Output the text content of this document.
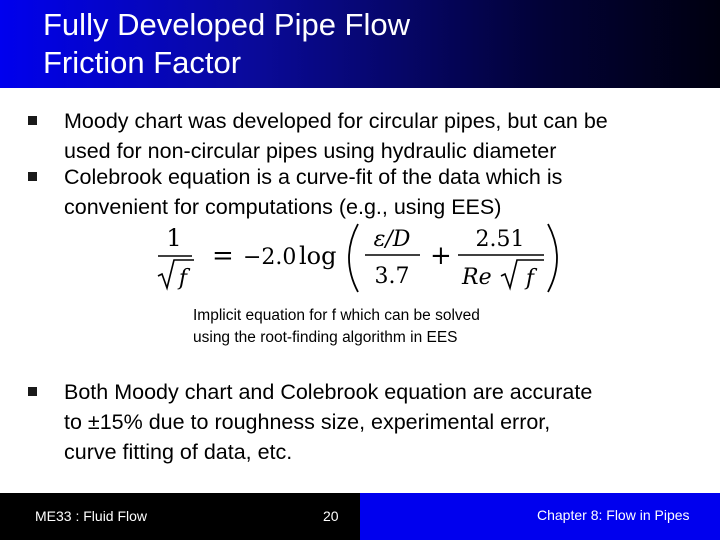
Fully Developed Pipe Flow
Friction Factor
Moody chart was developed for circular pipes, but can be
used for non-circular pipes using hydraulic diameter
Colebrook equation is a curve-fit of the data which is
convenient for computations (e.g., using EES)
1
f
= −2.0 log
ε/D
3.7
+
2.51
Re f
Implicit equation for f which can be solved
using the root-finding algorithm in EES
Both Moody chart and Colebrook equation are accurate
to ±15% due to roughness size, experimental error,
curve fitting of data, etc.
ME33 : Fluid Flow	20	Chapter 8: Flow in Pipes
